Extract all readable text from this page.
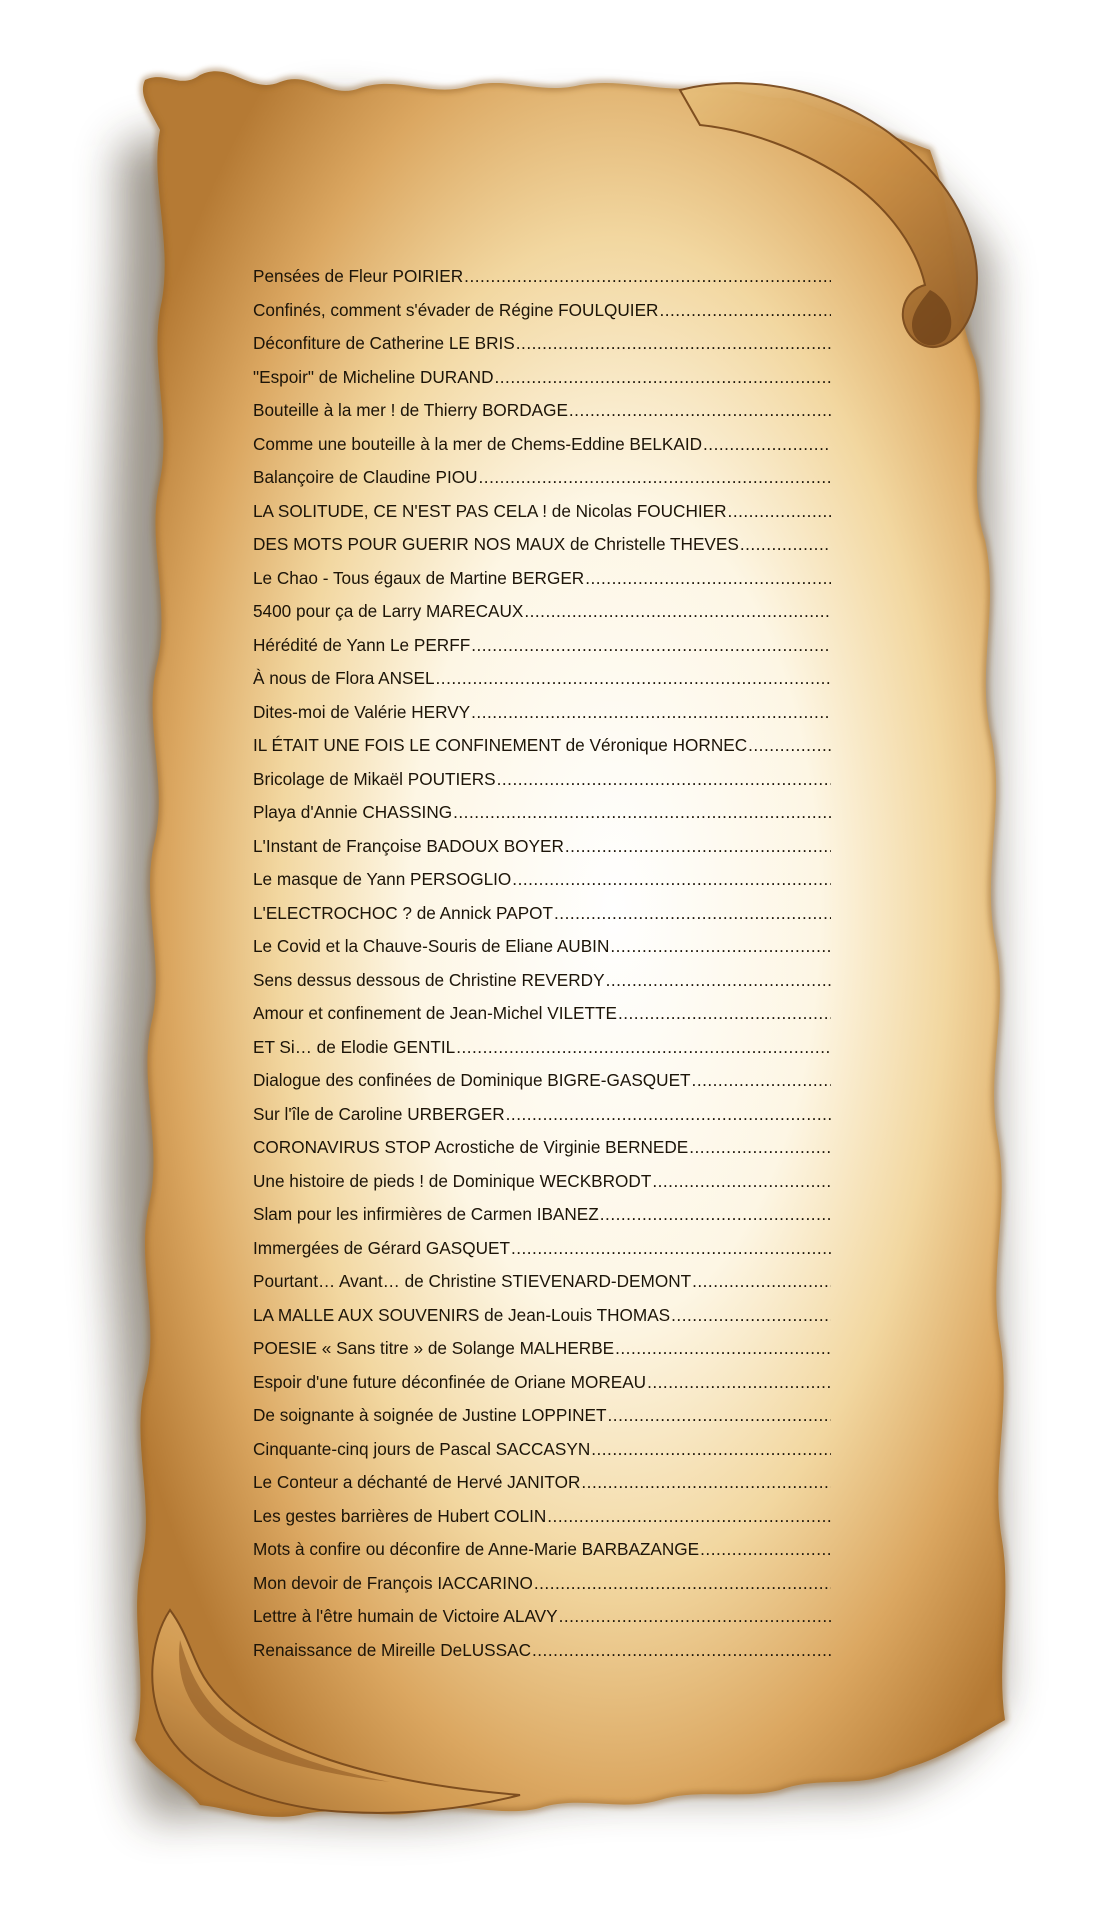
Pensées de Fleur POIRIER
.....
Confinés, comment s'évader de Régine FOULQUIER
.....
Déconfiture de Catherine LE BRIS
.....
"Espoir" de Micheline DURAND
.....
Bouteille à la mer ! de Thierry BORDAGE
.....
Comme une bouteille à la mer de Chems-Eddine BELKAID
.....
Balançoire de Claudine PIOU
.....
LA SOLITUDE, CE N'EST PAS CELA ! de Nicolas FOUCHIER
.....
DES MOTS POUR GUERIR NOS MAUX de Christelle THEVES
.....
Le Chao - Tous égaux de Martine BERGER
.....
5400 pour ça de Larry MARECAUX
.....
Hérédité de Yann Le PERFF
.....
À nous de Flora ANSEL
.....
Dites-moi de Valérie HERVY
.....
IL ÉTAIT UNE FOIS LE CONFINEMENT de Véronique HORNEC
.....
Bricolage de Mikaël POUTIERS
.....
Playa d'Annie CHASSING
.....
L'Instant de Françoise BADOUX BOYER
.....
Le masque de Yann PERSOGLIO
.....
L'ELECTROCHOC ? de Annick PAPOT
.....
Le Covid et la Chauve-Souris de Eliane AUBIN
.....
Sens dessus dessous de Christine REVERDY
.....
Amour et confinement de Jean-Michel VILETTE
.....
ET Si… de Elodie GENTIL
.....
Dialogue des confinées de Dominique BIGRE-GASQUET
.....
Sur l'île de Caroline URBERGER
.....
CORONAVIRUS STOP Acrostiche de Virginie BERNEDE
.....
Une histoire de pieds ! de Dominique WECKBRODT
.....
Slam pour les infirmières de Carmen IBANEZ
.....
Immergées de Gérard GASQUET
.....
Pourtant… Avant… de Christine STIEVENARD-DEMONT
.....
LA MALLE AUX SOUVENIRS de Jean-Louis THOMAS
.....
POESIE « Sans titre » de Solange MALHERBE
.....
Espoir d'une future déconfinée de Oriane MOREAU
.....
De soignante à soignée de Justine LOPPINET
.....
Cinquante-cinq jours de Pascal SACCASYN
.....
Le Conteur a déchanté de Hervé JANITOR
.....
Les gestes barrières de Hubert COLIN
.....
Mots à confire ou déconfire de Anne-Marie BARBAZANGE
.....
Mon devoir de François IACCARINO
.....
Lettre à l'être humain de Victoire ALAVY
.....
Renaissance de Mireille DeLUSSAC
.....
